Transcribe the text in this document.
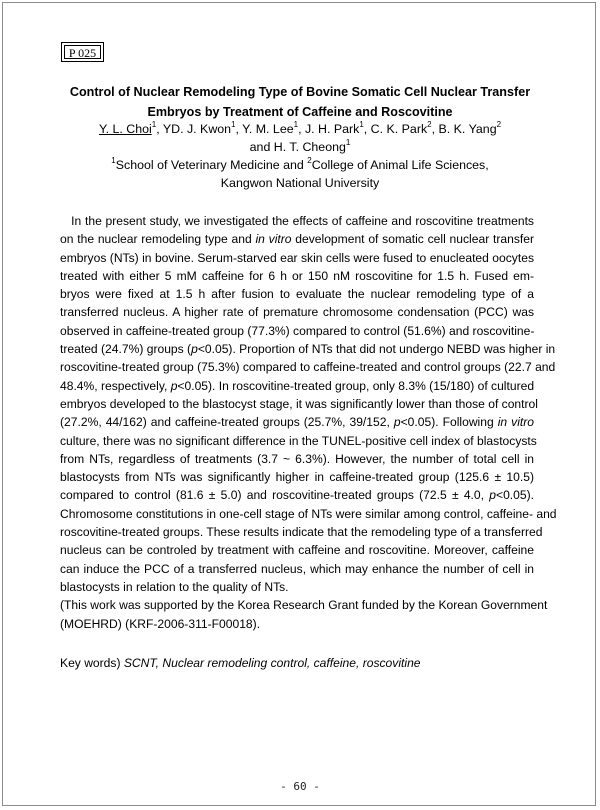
P 025
Control of Nuclear Remodeling Type of Bovine Somatic Cell Nuclear Transfer
Embryos by Treatment of Caffeine and Roscovitine
Y. L. Choi$^1$, YD. J. Kwon$^1$, Y. M. Lee$^1$, J. H. Park$^1$, C. K. Park$^2$, B. K. Yang$^2$
and H. T. Cheong$^1$
$^1$School of Veterinary Medicine and $^2$College of Animal Life Sciences,
Kangwon National University
In the present study, we investigated the effects of caffeine and roscovitine treatments
on the nuclear remodeling type and in vitro development of somatic cell nuclear transfer
embryos (NTs) in bovine. Serum-starved ear skin cells were fused to enucleated oocytes
treated with either 5 mM caffeine for 6 h or 150 nM roscovitine for 1.5 h. Fused em-
bryos were fixed at 1.5 h after fusion to evaluate the nuclear remodeling type of a
transferred nucleus. A higher rate of premature chromosome condensation (PCC) was
observed in caffeine-treated group (77.3%) compared to control (51.6%) and roscovitine-
treated (24.7%) groups (p<0.05). Proportion of NTs that did not undergo NEBD was higher in
roscovitine-treated group (75.3%) compared to caffeine-treated and control groups (22.7 and
48.4%, respectively, p<0.05). In roscovitine-treated group, only 8.3% (15/180) of cultured
embryos developed to the blastocyst stage, it was significantly lower than those of control
(27.2%, 44/162) and caffeine-treated groups (25.7%, 39/152, p<0.05). Following in vitro
culture, there was no significant difference in the TUNEL-positive cell index of blastocysts
from NTs, regardless of treatments (3.7 ~ 6.3%). However, the number of total cell in
blastocysts from NTs was significantly higher in caffeine-treated group (125.6 ± 10.5)
compared to control (81.6 ± 5.0) and roscovitine-treated groups (72.5 ± 4.0, p<0.05).
Chromosome constitutions in one-cell stage of NTs were similar among control, caffeine- and
roscovitine-treated groups. These results indicate that the remodeling type of a transferred
nucleus can be controled by treatment with caffeine and roscovitine. Moreover, caffeine
can induce the PCC of a transferred nucleus, which may enhance the number of cell in
blastocysts in relation to the quality of NTs.
(This work was supported by the Korea Research Grant funded by the Korean Government
(MOEHRD) (KRF-2006-311-F00018).
Key words) SCNT, Nuclear remodeling control, caffeine, roscovitine
- 60 -
